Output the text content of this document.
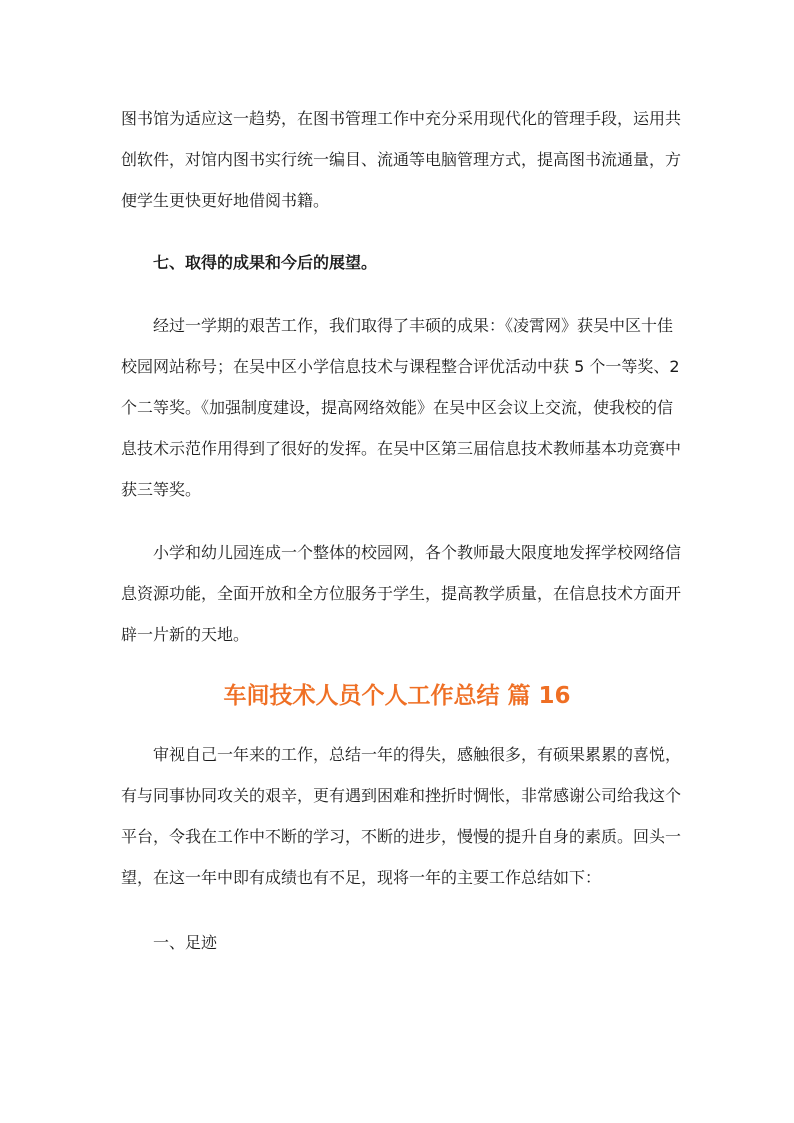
图书馆为适应这一趋势，在图书管理工作中充分采用现代化的管理手段，运用共
创软件，对馆内图书实行统一编目、流通等电脑管理方式，提高图书流通量，方
便学生更快更好地借阅书籍。

七、取得的成果和今后的展望。

　　经过一学期的艰苦工作，我们取得了丰硕的成果：《凌霄网》获吴中区十佳
校园网站称号；在吴中区小学信息技术与课程整合评优活动中获 5 个一等奖、2
个二等奖。《加强制度建设，提高网络效能》在吴中区会议上交流，使我校的信
息技术示范作用得到了很好的发挥。在吴中区第三届信息技术教师基本功竞赛中
获三等奖。

　　小学和幼儿园连成一个整体的校园网，各个教师最大限度地发挥学校网络信
息资源功能，全面开放和全方位服务于学生，提高教学质量，在信息技术方面开
辟一片新的天地。

车间技术人员个人工作总结 篇 16

　　审视自己一年来的工作，总结一年的得失，感触很多，有硕果累累的喜悦，
有与同事协同攻关的艰辛，更有遇到困难和挫折时惆怅，非常感谢公司给我这个
平台，令我在工作中不断的学习，不断的进步，慢慢的提升自身的素质。回头一
望，在这一年中即有成绩也有不足，现将一年的主要工作总结如下：

一、足迹
